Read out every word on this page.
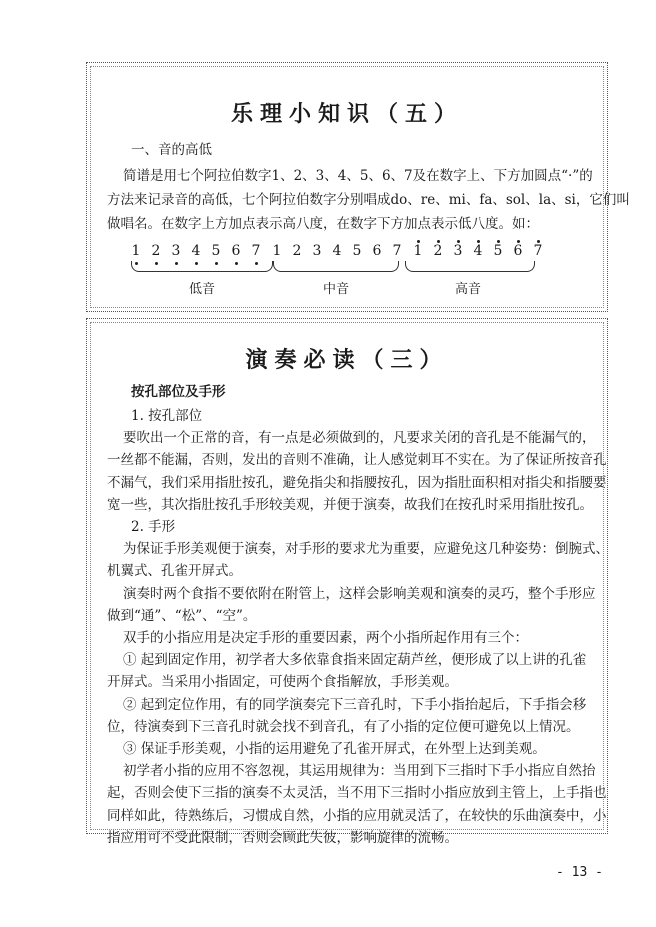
乐理小知识（五）
一、音的高低
简谱是用七个阿拉伯数字1、2、3、4、5、6、7及在数字上、下方加圆点“·”的
方法来记录音的高低，七个阿拉伯数字分别唱成do、re、mi、fa、sol、la、si，它们叫
做唱名。在数字上方加点表示高八度，在数字下方加点表示低八度。如：
低音	中音	高音
1 2 3 4 5 6 7 1 2 3 4 5 6 7 1 2 3 4 5 6 7
演奏必读（三）
按孔部位及手形
1. 按孔部位
要吹出一个正常的音，有一点是必须做到的，凡要求关闭的音孔是不能漏气的，
一丝都不能漏，否则，发出的音则不准确，让人感觉刺耳不实在。为了保证所按音孔
不漏气，我们采用指肚按孔，避免指尖和指腰按孔，因为指肚面积相对指尖和指腰要
宽一些，其次指肚按孔手形较美观，并便于演奏，故我们在按孔时采用指肚按孔。
2. 手形
为保证手形美观便于演奏，对手形的要求尤为重要，应避免这几种姿势：倒腕式、
机翼式、孔雀开屏式。
演奏时两个食指不要依附在附管上，这样会影响美观和演奏的灵巧，整个手形应
做到“通”、“松”、“空”。
双手的小指应用是决定手形的重要因素，两个小指所起作用有三个：
① 起到固定作用，初学者大多依靠食指来固定葫芦丝，便形成了以上讲的孔雀
开屏式。当采用小指固定，可使两个食指解放，手形美观。
② 起到定位作用，有的同学演奏完下三音孔时，下手小指抬起后，下手指会移
位，待演奏到下三音孔时就会找不到音孔，有了小指的定位便可避免以上情况。
③ 保证手形美观，小指的运用避免了孔雀开屏式，在外型上达到美观。
初学者小指的应用不容忽视，其运用规律为：当用到下三指时下手小指应自然抬
起，否则会使下三指的演奏不太灵活，当不用下三指时小指应放到主管上，上手指也
同样如此，待熟练后，习惯成自然，小指的应用就灵活了，在较快的乐曲演奏中，小
指应用可不受此限制，否则会顾此失彼，影响旋律的流畅。
- 13 -
